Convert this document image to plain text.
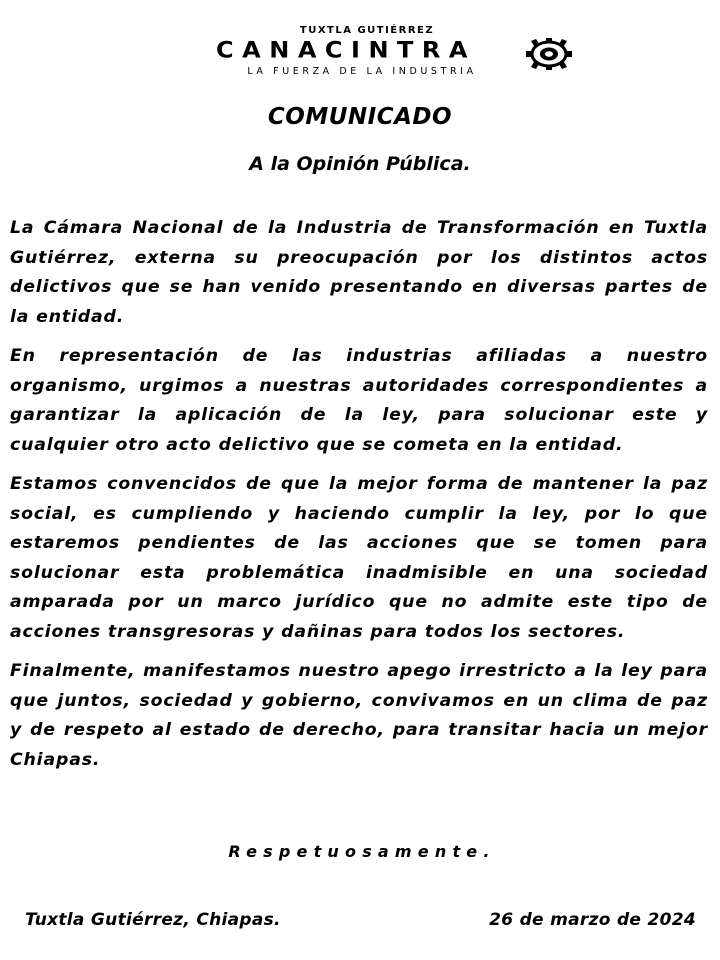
TUXTLA GUTIÉRREZ
CANACINTRA
LA FUERZA DE LA INDUSTRIA
COMUNICADO
A la Opinión Pública.

La Cámara Nacional de la Industria de Transformación en Tuxtla Gutiérrez, externa su preocupación por los distintos actos delictivos que se han venido presentando en diversas partes de la entidad.

En representación de las industrias afiliadas a nuestro organismo, urgimos a nuestras autoridades correspondientes a garantizar la aplicación de la ley, para solucionar este y cualquier otro acto delictivo que se cometa en la entidad.

Estamos convencidos de que la mejor forma de mantener la paz social, es cumpliendo y haciendo cumplir la ley, por lo que estaremos pendientes de las acciones que se tomen para solucionar esta problemática inadmisible en una sociedad amparada por un marco jurídico que no admite este tipo de acciones transgresoras y dañinas para todos los sectores.

Finalmente, manifestamos nuestro apego irrestricto a la ley para que juntos, sociedad y gobierno, convivamos en un clima de paz y de respeto al estado de derecho, para transitar hacia un mejor Chiapas.

Respetuosamente.
Tuxtla Gutiérrez, Chiapas.	26 de marzo de 2024
